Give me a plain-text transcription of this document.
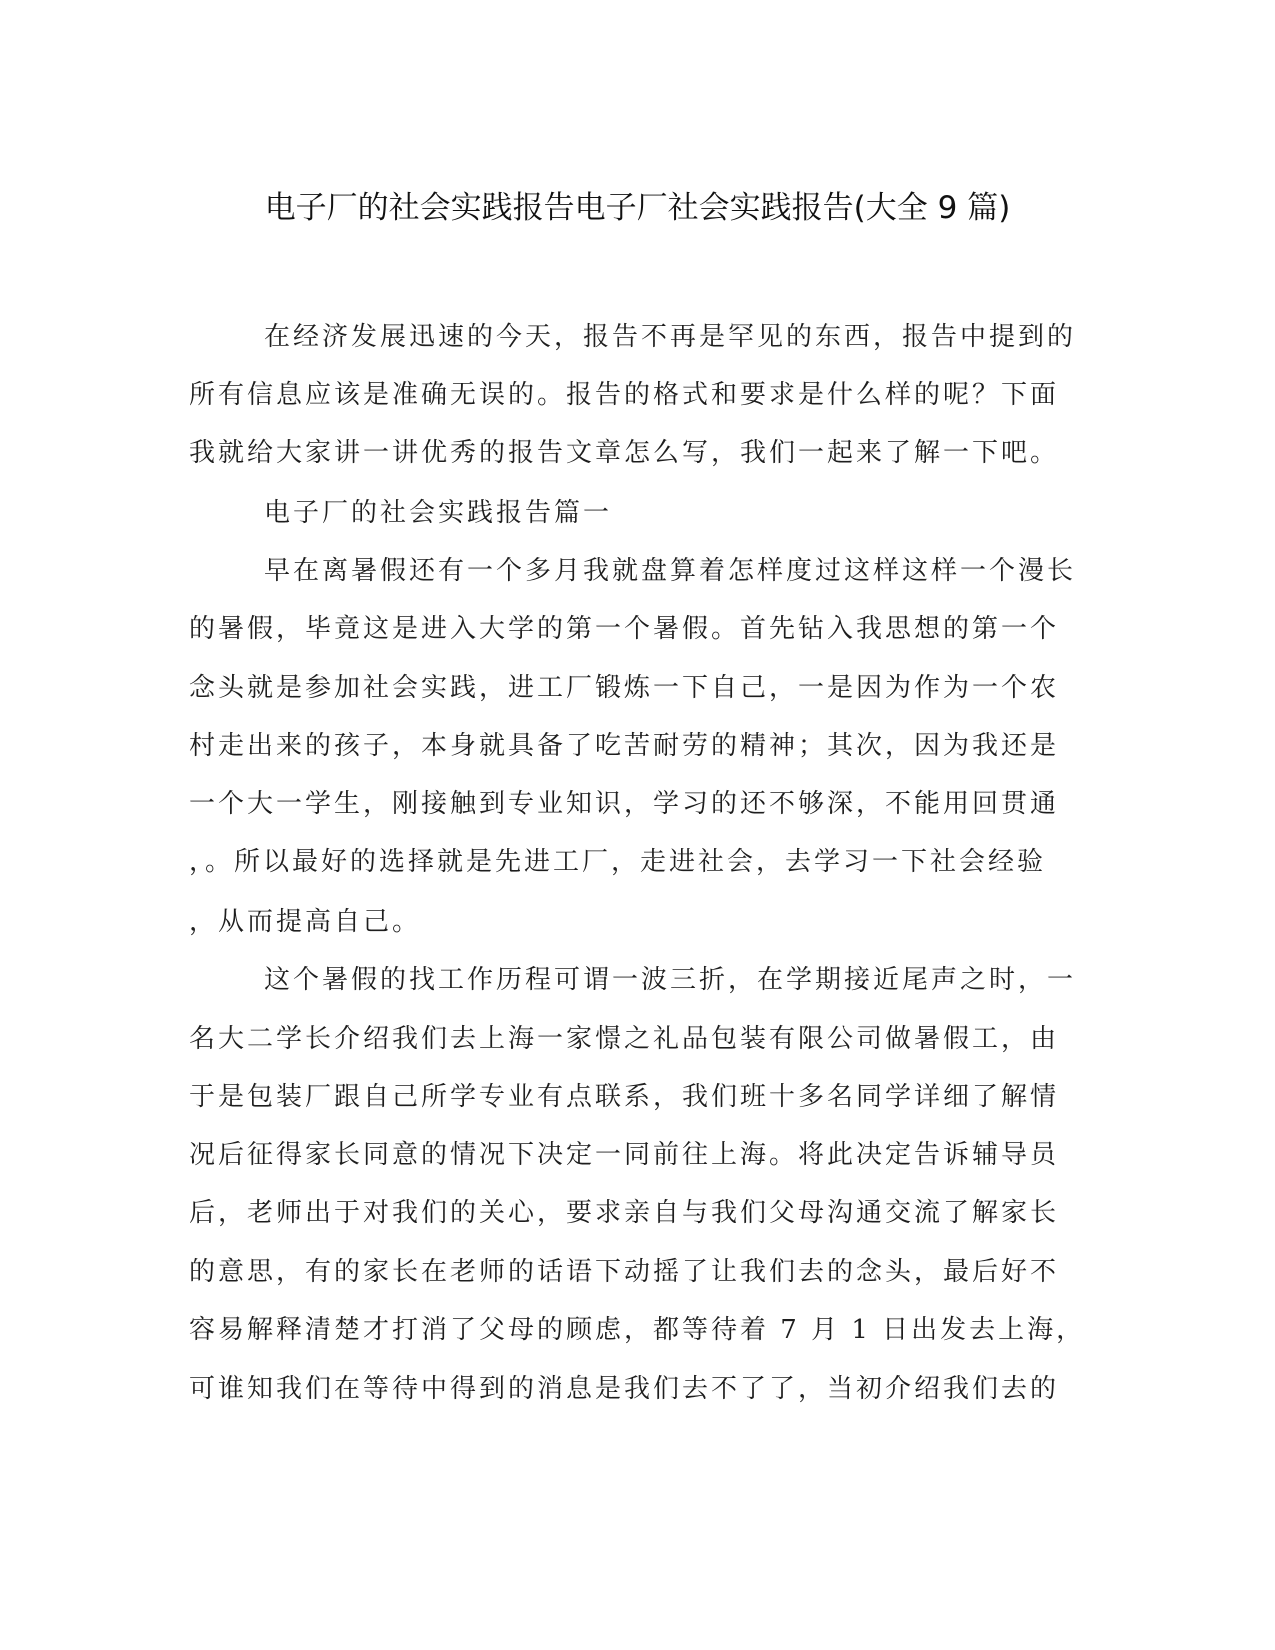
电子厂的社会实践报告电子厂社会实践报告(大全 9 篇)
在经济发展迅速的今天，报告不再是罕见的东西，报告中提到的
所有信息应该是准确无误的。报告的格式和要求是什么样的呢？下面
我就给大家讲一讲优秀的报告文章怎么写，我们一起来了解一下吧。
电子厂的社会实践报告篇一
早在离暑假还有一个多月我就盘算着怎样度过这样这样一个漫长
的暑假，毕竟这是进入大学的第一个暑假。首先钻入我思想的第一个
念头就是参加社会实践，进工厂锻炼一下自己，一是因为作为一个农
村走出来的孩子，本身就具备了吃苦耐劳的精神；其次，因为我还是
一个大一学生，刚接触到专业知识，学习的还不够深，不能用回贯通
，。所以最好的选择就是先进工厂，走进社会，去学习一下社会经验
，从而提高自己。
这个暑假的找工作历程可谓一波三折，在学期接近尾声之时，一
名大二学长介绍我们去上海一家憬之礼品包装有限公司做暑假工，由
于是包装厂跟自己所学专业有点联系，我们班十多名同学详细了解情
况后征得家长同意的情况下决定一同前往上海。将此决定告诉辅导员
后，老师出于对我们的关心，要求亲自与我们父母沟通交流了解家长
的意思，有的家长在老师的话语下动摇了让我们去的念头，最后好不
容易解释清楚才打消了父母的顾虑，都等待着 7 月 1 日出发去上海，
可谁知我们在等待中得到的消息是我们去不了了，当初介绍我们去的
